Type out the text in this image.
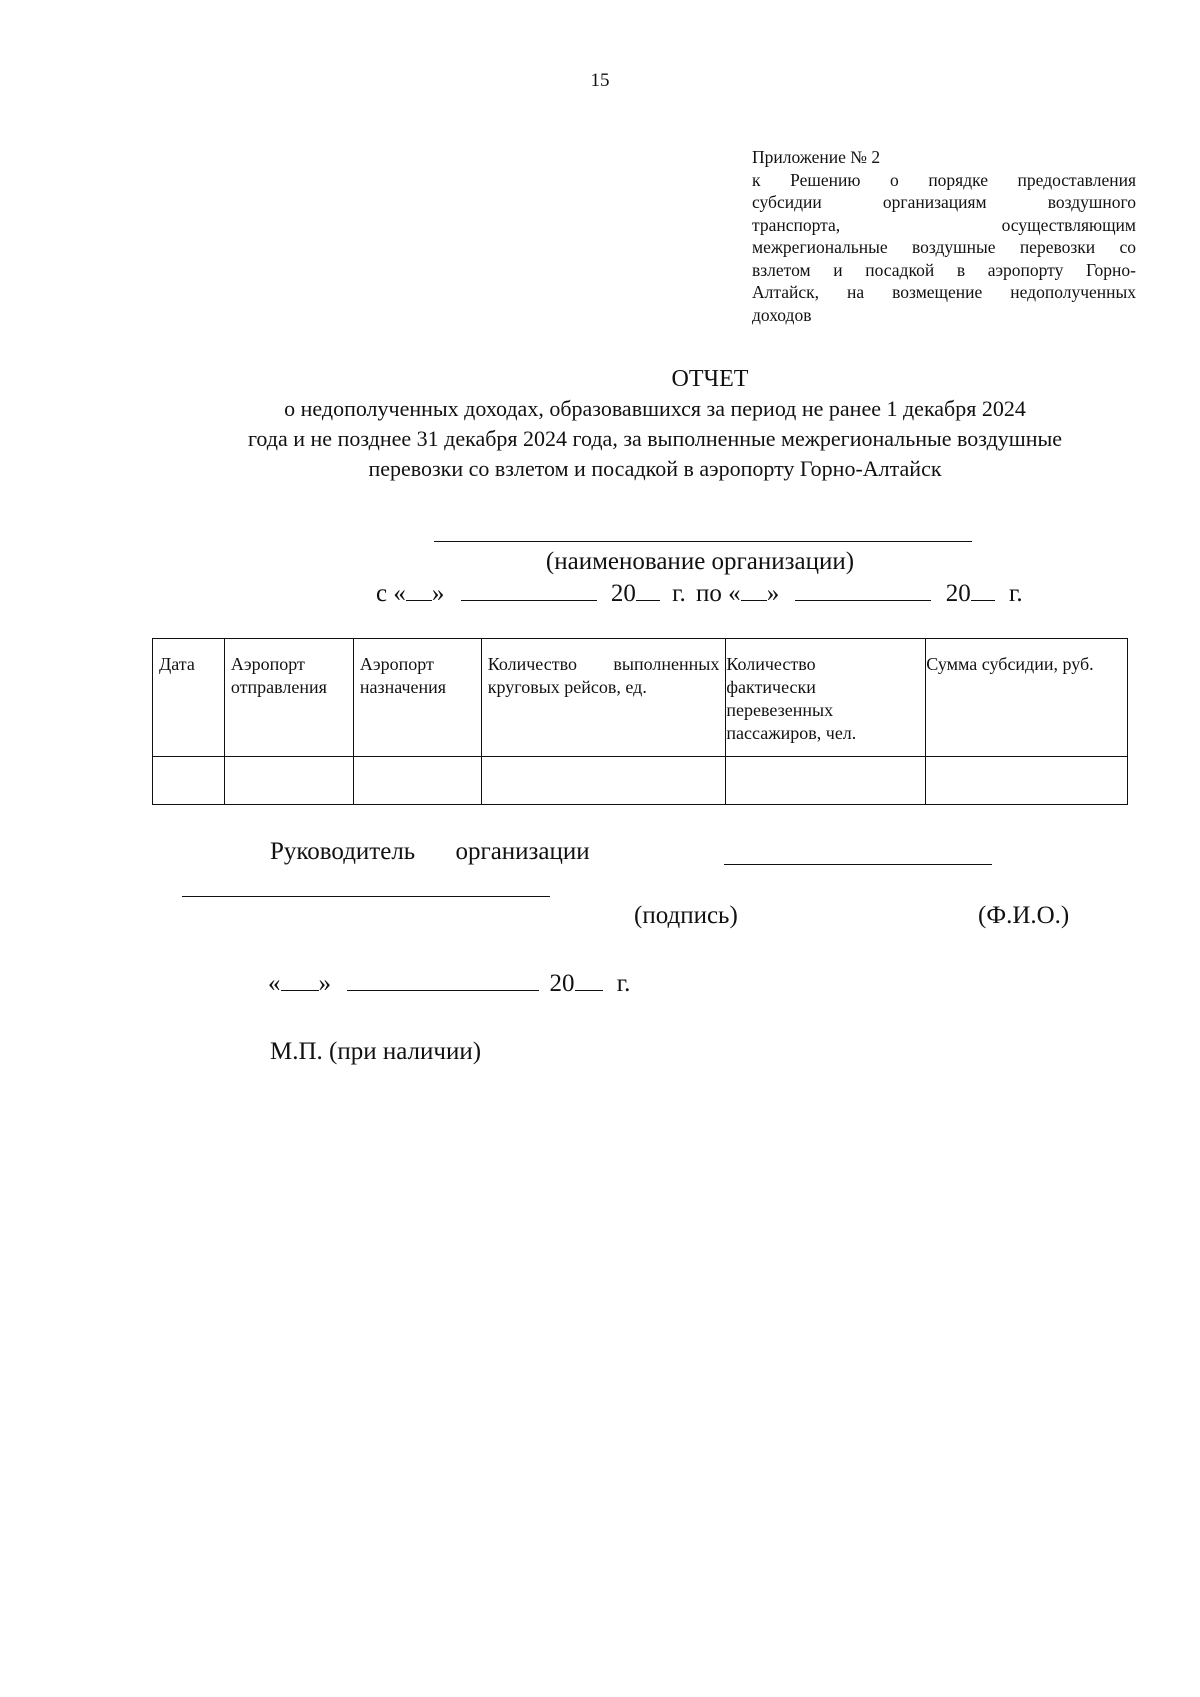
15
Приложение № 2
к Решению о порядке предоставления
субсидии организациям воздушного
транспорта, осуществляющим
межрегиональные воздушные перевозки со
взлетом и посадкой в аэропорту Горно-
Алтайск, на возмещение недополученных
доходов
ОТЧЕТ
о недополученных доходах, образовавшихся за период не ранее 1 декабря 2024
года и не позднее 31 декабря 2024 года, за выполненные межрегиональные воздушные
перевозки со взлетом и посадкой в аэропорту Горно-Алтайск
(наименование организации)
с « »	20 г. по « »	20 г.
Дата	Аэропорт отправления	Аэропорт назначения	Количество выполненных круговых рейсов, ед.	Количество фактически перевезенных пассажиров, чел.	Сумма субсидии, руб.

Руководитель организации
(подпись)	(Ф.И.О.)
« »	20 г.
М.П. (при наличии)
